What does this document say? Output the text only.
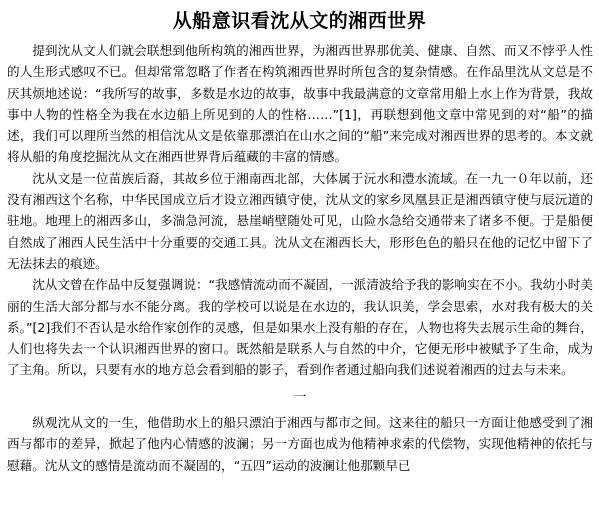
从船意识看沈从文的湘西世界

提到沈从文人们就会联想到他所构筑的湘西世界，为湘西世界那优美、健康、自然、而又不悖乎人性的人生形式感叹不已。但却常常忽略了作者在构筑湘西世界时所包含的复杂情感。在作品里沈从文总是不厌其烦地述说：“我所写的故事，多数是水边的故事，故事中我最满意的文章常用船上水上作为背景，我故事中人物的性格全为我在水边船上所见到的人的性格……”[1]，再联想到他文章中常见到的对“船”的描述，我们可以理所当然的相信沈从文是依靠那漂泊在山水之间的“船”来完成对湘西世界的思考的。本文就将从船的角度挖掘沈从文在湘西世界背后蕴藏的丰富的情感。

沈从文是一位苗族后裔，其故乡位于湘南西北部，大体属于沅水和澧水流域。在一九一０年以前，还没有湘西这个名称，中华民国成立后才设立湘西镇守使，沈从文的家乡凤凰县正是湘西镇守使与辰沅道的驻地。地理上的湘西多山，多湍急河流，悬崖峭壁随处可见，山险水急给交通带来了诸多不便。于是船便自然成了湘西人民生活中十分重要的交通工具。沈从文在湘西长大，形形色色的船只在他的记忆中留下了无法抹去的痕迹。

沈从文曾在作品中反复强调说：“我感情流动而不凝固，一派清波给予我的影响实在不小。我幼小时美丽的生活大部分都与水不能分离。我的学校可以说是在水边的，我认识美，学会思索，水对我有极大的关系。”[2]我们不否认是水给作家创作的灵感，但是如果水上没有船的存在，人物也将失去展示生命的舞台，人们也将失去一个认识湘西世界的窗口。既然船是联系人与自然的中介，它便无形中被赋予了生命，成为了主角。所以，只要有水的地方总会看到船的影子，看到作者通过船向我们述说着湘西的过去与未来。

一

纵观沈从文的一生，他借助水上的船只漂泊于湘西与都市之间。这来往的船只一方面让他感受到了湘西与都市的差异，掀起了他内心情感的波澜；另一方面也成为他精神求索的代偿物，实现他精神的依托与慰藉。沈从文的感情是流动而不凝固的，“五四”运动的波澜让他那颗早已
